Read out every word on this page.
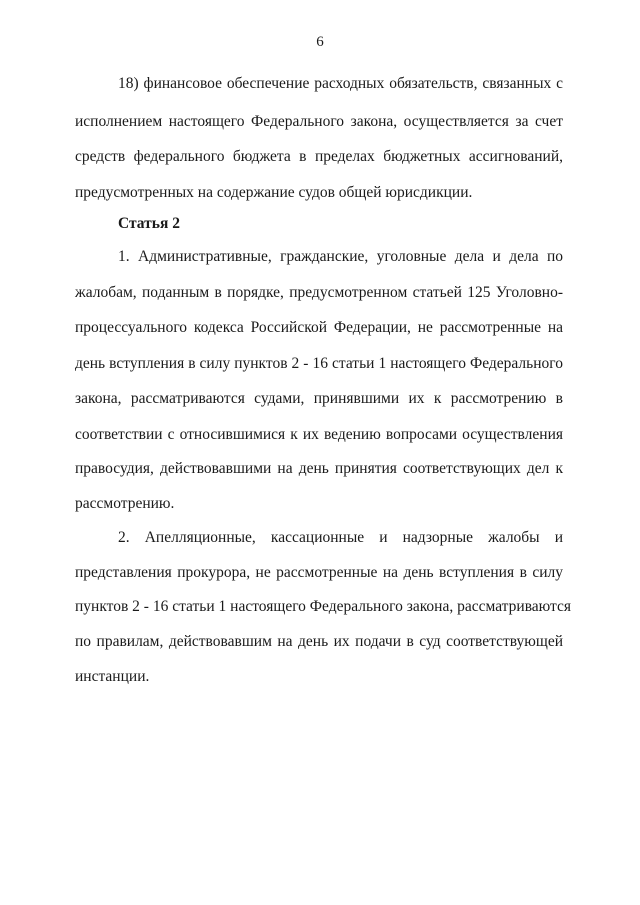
6
18) финансовое обеспечение расходных обязательств, связанных с
исполнением настоящего Федерального закона, осуществляется за счет
средств федерального бюджета в пределах бюджетных ассигнований,
предусмотренных на содержание судов общей юрисдикции.
Статья 2
1. Административные, гражданские, уголовные дела и дела по
жалобам, поданным в порядке, предусмотренном статьей 125 Уголовно-
процессуального кодекса Российской Федерации, не рассмотренные на
день вступления в силу пунктов 2 - 16 статьи 1 настоящего Федерального
закона, рассматриваются судами, принявшими их к рассмотрению в
соответствии с относившимися к их ведению вопросами осуществления
правосудия, действовавшими на день принятия соответствующих дел к
рассмотрению.
2. Апелляционные, кассационные и надзорные жалобы и
представления прокурора, не рассмотренные на день вступления в силу
пунктов 2 - 16 статьи 1 настоящего Федерального закона, рассматриваются
по правилам, действовавшим на день их подачи в суд соответствующей
инстанции.
